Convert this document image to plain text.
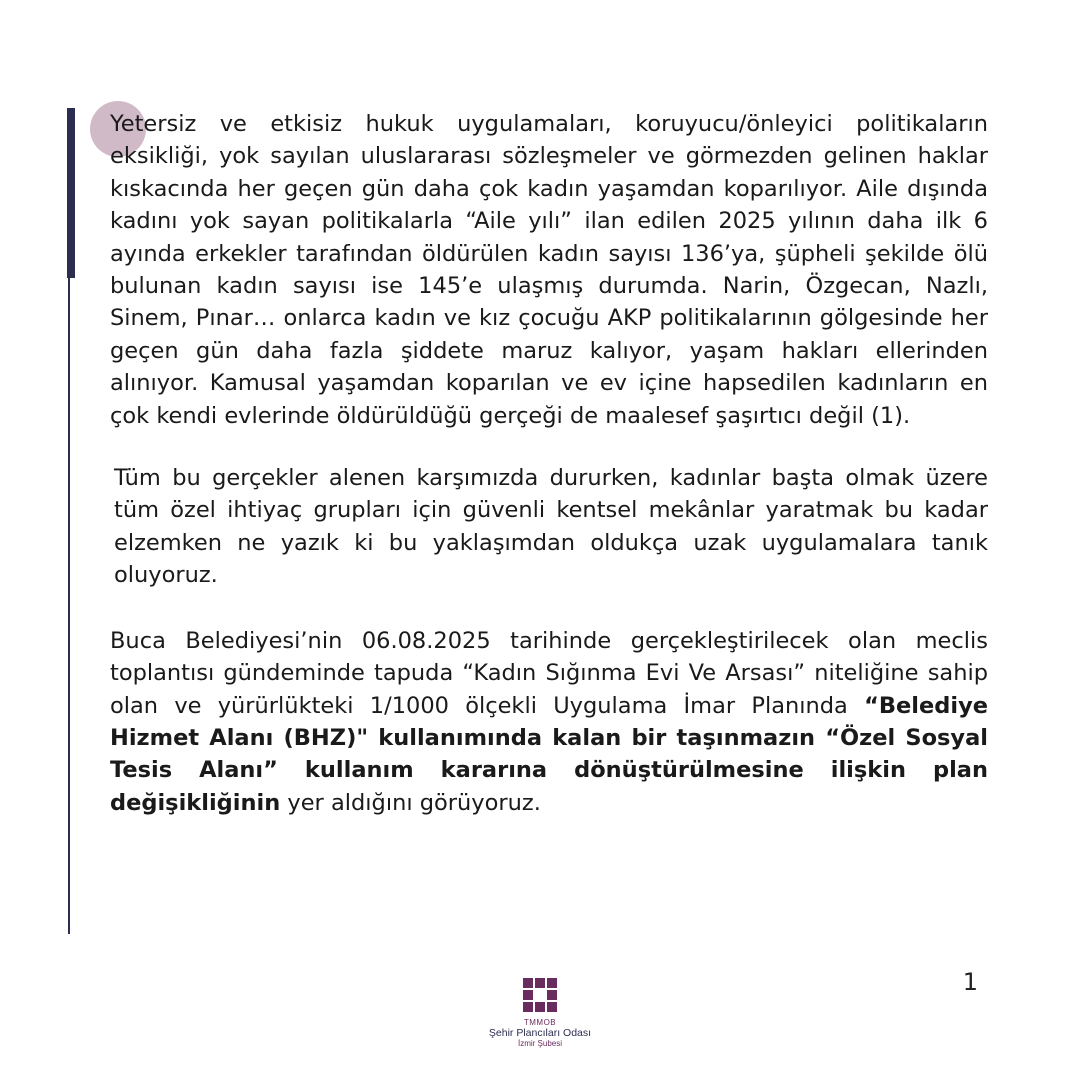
Yetersiz ve etkisiz hukuk uygulamaları, koruyucu/önleyici politikaların eksikliği, yok sayılan uluslararası sözleşmeler ve görmezden gelinen haklar kıskacında her geçen gün daha çok kadın yaşamdan koparılıyor. Aile dışında kadını yok sayan politikalarla “Aile yılı” ilan edilen 2025 yılının daha ilk 6 ayında erkekler tarafından öldürülen kadın sayısı 136’ya, şüpheli şekilde ölü bulunan kadın sayısı ise 145’e ulaşmış durumda. Narin, Özgecan, Nazlı, Sinem, Pınar… onlarca kadın ve kız çocuğu AKP politikalarının gölgesinde her geçen gün daha fazla şiddete maruz kalıyor, yaşam hakları ellerinden alınıyor. Kamusal yaşamdan koparılan ve ev içine hapsedilen kadınların en çok kendi evlerinde öldürüldüğü gerçeği de maalesef şaşırtıcı değil (1).

Tüm bu gerçekler alenen karşımızda dururken, kadınlar başta olmak üzere tüm özel ihtiyaç grupları için güvenli kentsel mekânlar yaratmak bu kadar elzemken ne yazık ki bu yaklaşımdan oldukça uzak uygulamalara tanık oluyoruz.

Buca Belediyesi’nin 06.08.2025 tarihinde gerçekleştirilecek olan meclis toplantısı gündeminde tapuda “Kadın Sığınma Evi Ve Arsası” niteliğine sahip olan ve yürürlükteki 1/1000 ölçekli Uygulama İmar Planında “Belediye Hizmet Alanı (BHZ)" kullanımında kalan bir taşınmazın “Özel Sosyal Tesis Alanı” kullanım kararına dönüştürülmesine ilişkin plan değişikliğinin yer aldığını görüyoruz.

1
TMMOB
Şehir Plancıları Odası
İzmir Şubesi
